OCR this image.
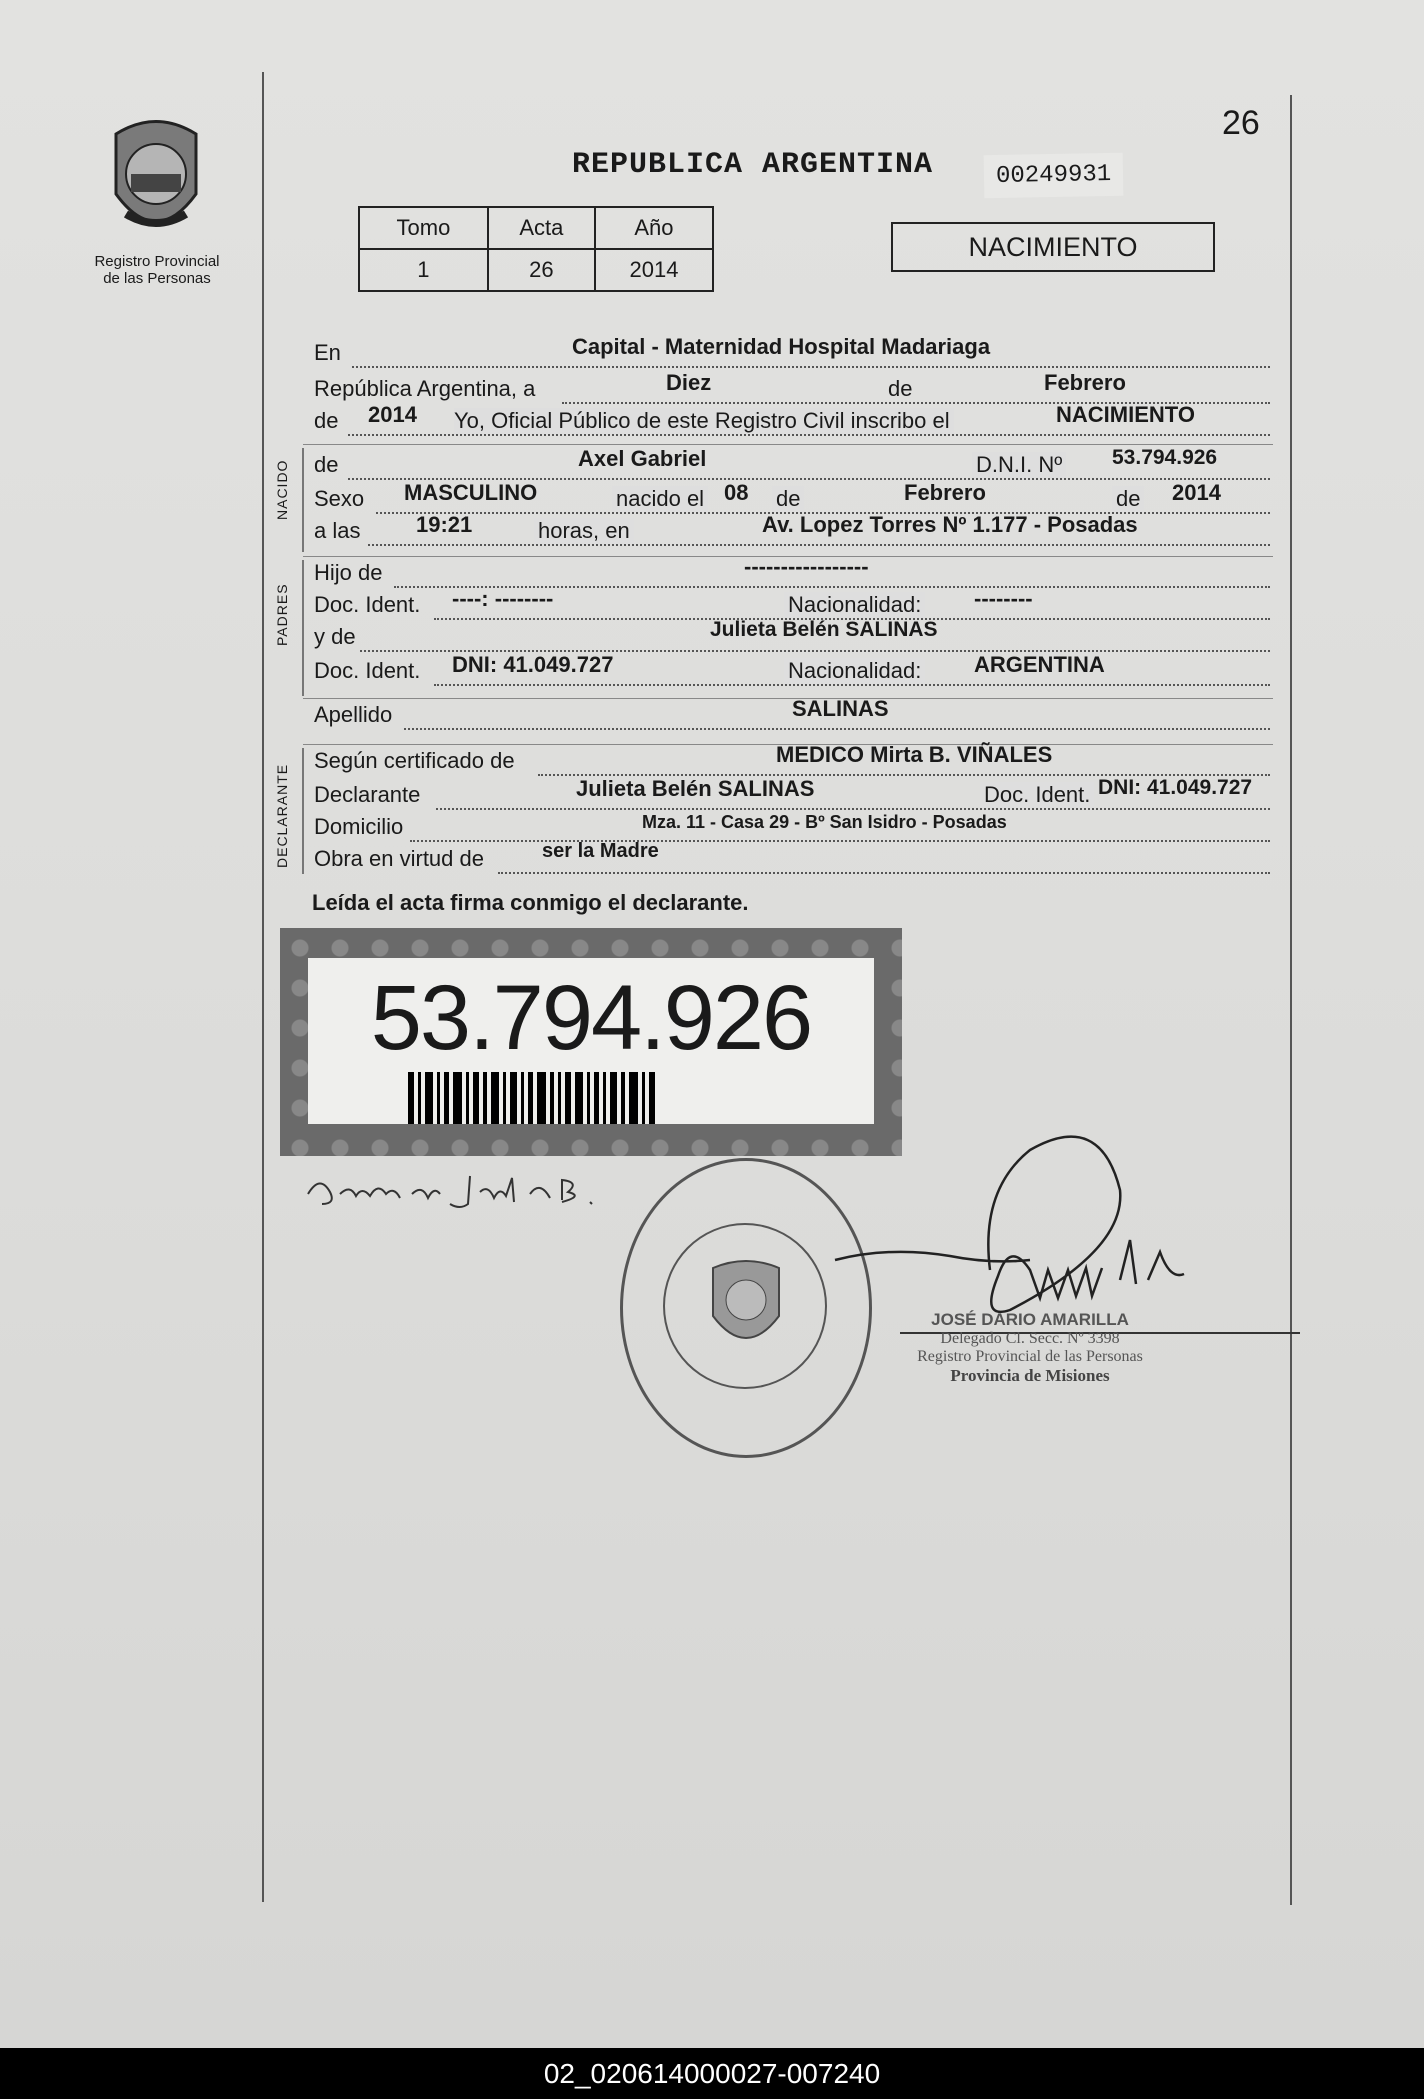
Registro Provincial
de las Personas
26
REPUBLICA ARGENTINA	00249931
Tomo	Acta	Año
1	26	2014
NACIMIENTO
En	Capital - Maternidad Hospital Madariaga
República Argentina, a	Diez	de	Febrero
de 2014 Yo, Oficial Público de este Registro Civil inscribo el	NACIMIENTO
NACIDO de	Axel Gabriel	D.N.I. Nº 53.794.926
Sexo MASCULINO	nacido el 08 de	Febrero	de 2014
a las	19:21	horas, en	Av. Lopez Torres Nº 1.177 - Posadas
PADRES
Hijo de	-----------------
Doc. Ident. ----: --------	Nacionalidad: --------
y de	Julieta Belén SALINAS
Doc. Ident. DNI: 41.049.727	Nacionalidad: ARGENTINA
Apellido	SALINAS
DECLARANTE
Según certificado de	MEDICO Mirta B. VIÑALES
Declarante	Julieta Belén SALINAS	Doc. Ident. DNI: 41.049.727
Domicilio	Mza. 11 - Casa 29 - Bº San Isidro - Posadas
Obra en virtud de	ser la Madre
Leída el acta firma conmigo el declarante.
53.794.926
JOSÉ DARIO AMARILLA
Delegado Cl. Secc. Nº 3398
Registro Provincial de las Personas
Provincia de Misiones
02_020614000027-007240
